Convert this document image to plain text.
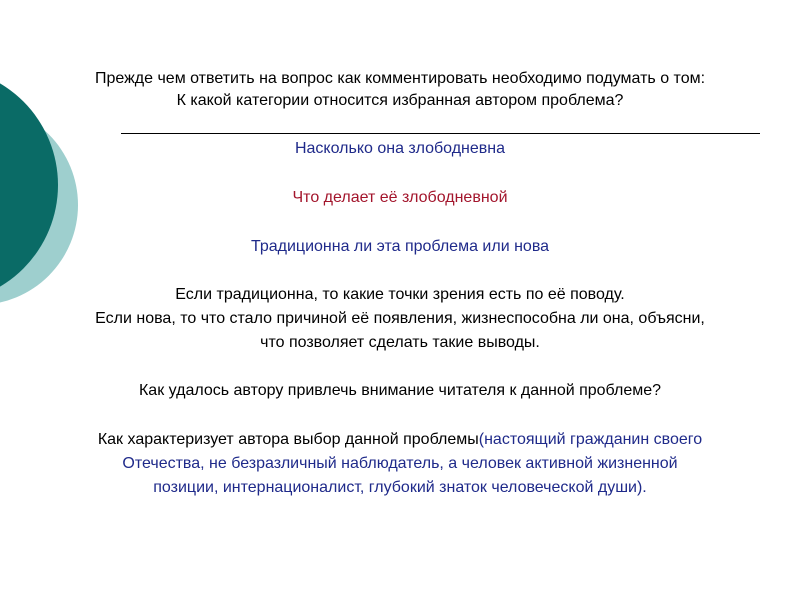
Прежде чем ответить на вопрос как комментировать необходимо подумать о том:
К какой категории относится избранная автором проблема?
Насколько она злободневна
Что делает её злободневной
Традиционна ли эта проблема или нова
Если традиционна, то какие точки зрения есть по её поводу.
Если нова, то что стало причиной её появления, жизнеспособна ли она, объясни,
что позволяет сделать такие выводы.
Как удалось автору привлечь внимание читателя к данной проблеме?
Как характеризует автора выбор данной проблемы(настоящий гражданин своего
Отечества, не безразличный наблюдатель, а человек активной жизненной
позиции, интернационалист, глубокий знаток человеческой души).
